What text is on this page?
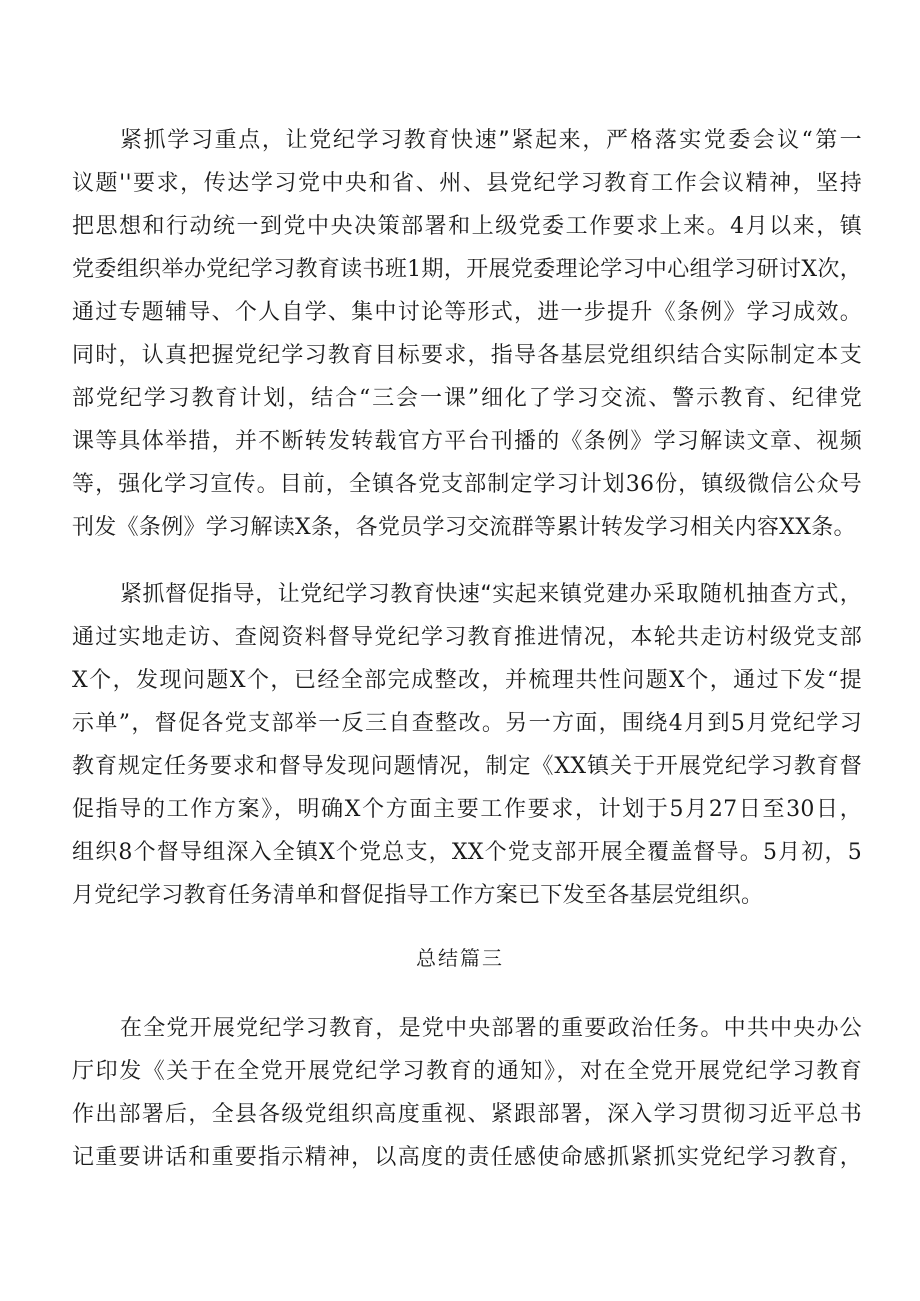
紧抓学习重点，让党纪学习教育快速”紧起来，严格落实党委会议“第一
议题''要求，传达学习党中央和省、州、县党纪学习教育工作会议精神，坚持
把思想和行动统一到党中央决策部署和上级党委工作要求上来。4月以来，镇
党委组织举办党纪学习教育读书班1期，开展党委理论学习中心组学习研讨X次，
通过专题辅导、个人自学、集中讨论等形式，进一步提升《条例》学习成效。
同时，认真把握党纪学习教育目标要求，指导各基层党组织结合实际制定本支
部党纪学习教育计划，结合“三会一课”细化了学习交流、警示教育、纪律党
课等具体举措，并不断转发转载官方平台刊播的《条例》学习解读文章、视频
等，强化学习宣传。目前，全镇各党支部制定学习计划36份，镇级微信公众号
刊发《条例》学习解读X条，各党员学习交流群等累计转发学习相关内容XX条。
紧抓督促指导，让党纪学习教育快速“实起来镇党建办采取随机抽查方式，
通过实地走访、查阅资料督导党纪学习教育推进情况，本轮共走访村级党支部
X个，发现问题X个，已经全部完成整改，并梳理共性问题X个，通过下发“提
示单”，督促各党支部举一反三自查整改。另一方面，围绕4月到5月党纪学习
教育规定任务要求和督导发现问题情况，制定《XX镇关于开展党纪学习教育督
促指导的工作方案》，明确X个方面主要工作要求，计划于5月27日至30日，
组织8个督导组深入全镇X个党总支，XX个党支部开展全覆盖督导。5月初，5
月党纪学习教育任务清单和督促指导工作方案已下发至各基层党组织。
总结篇三
在全党开展党纪学习教育，是党中央部署的重要政治任务。中共中央办公
厅印发《关于在全党开展党纪学习教育的通知》，对在全党开展党纪学习教育
作出部署后，全县各级党组织高度重视、紧跟部署，深入学习贯彻习近平总书
记重要讲话和重要指示精神，以高度的责任感使命感抓紧抓实党纪学习教育，
